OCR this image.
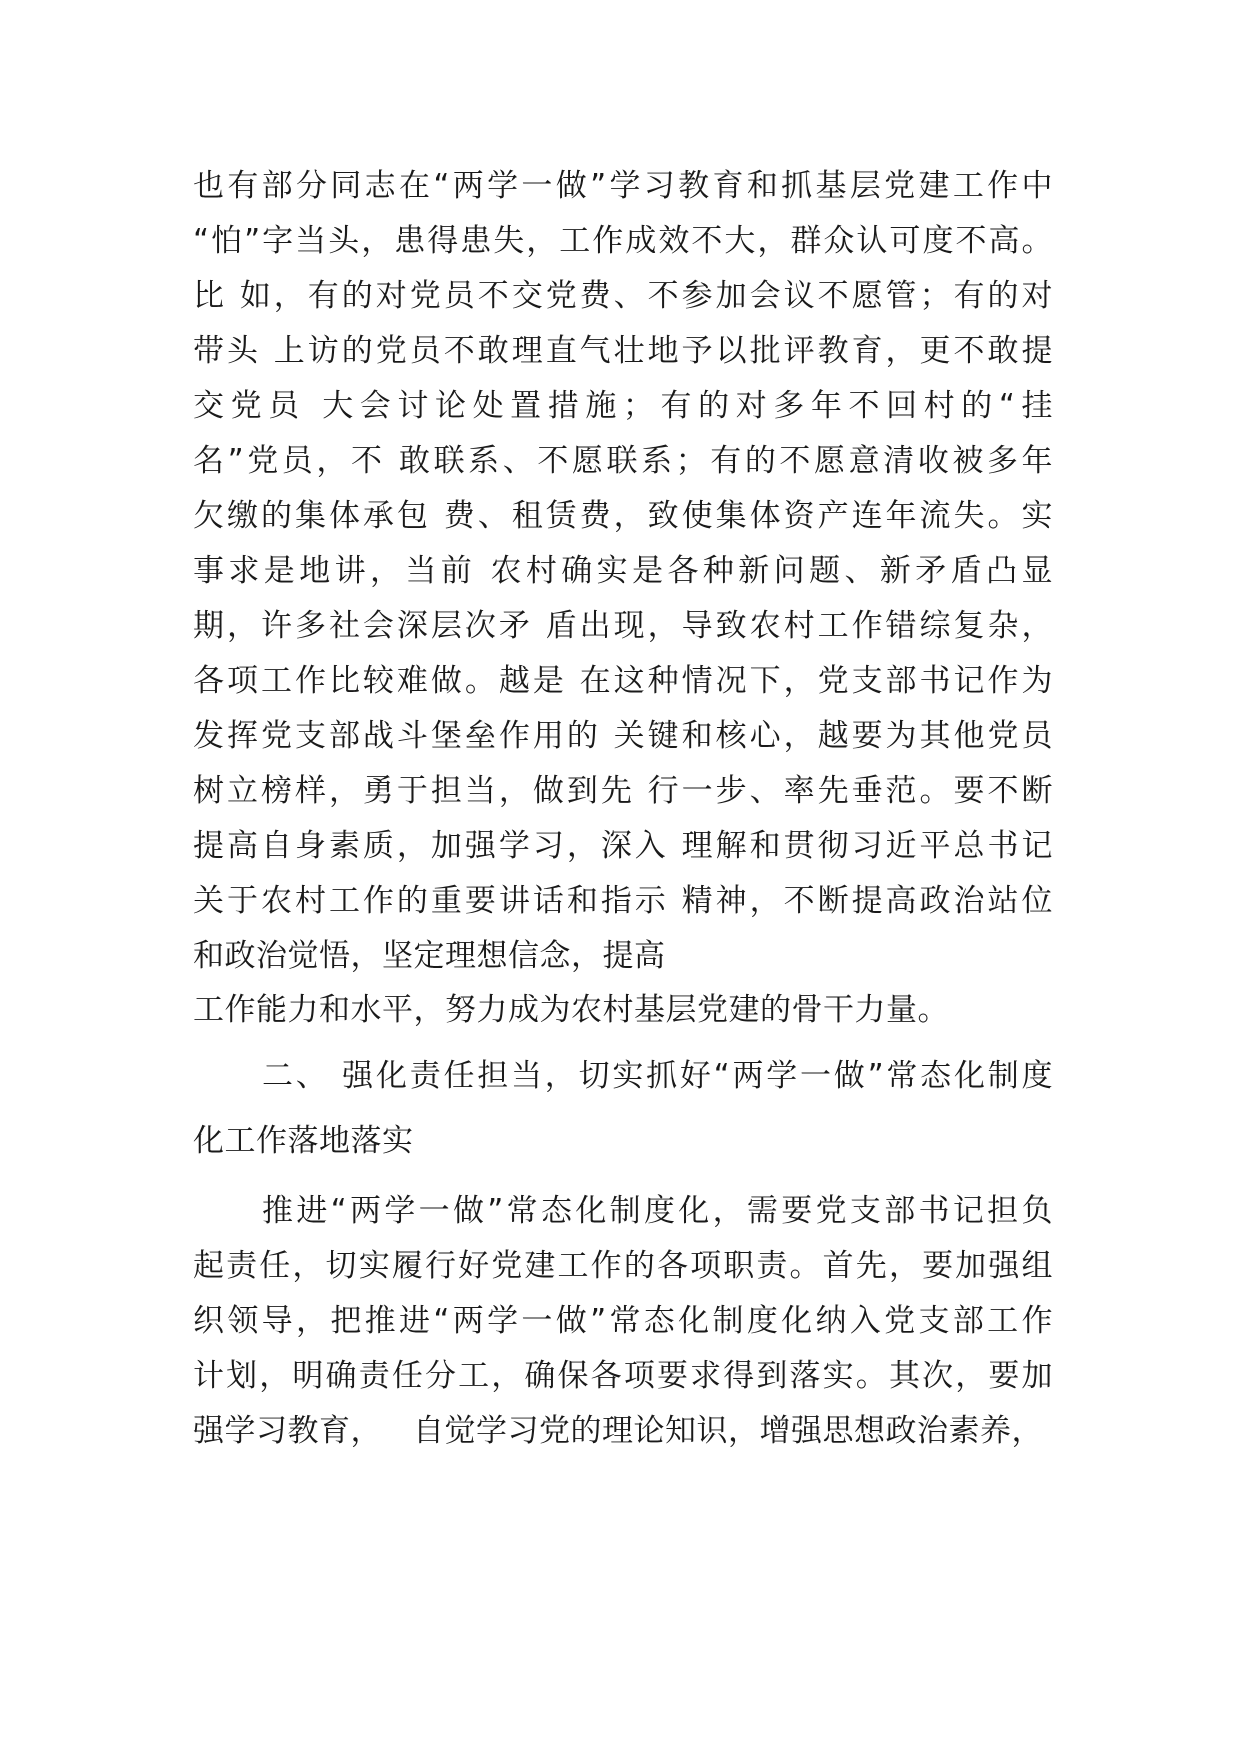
也有部分同志在“两学一做”学习教育和抓基层党建工作中
“怕”字当头，患得患失，工作成效不大，群众认可度不高。
比 如，有的对党员不交党费、不参加会议不愿管；有的对
带头 上访的党员不敢理直气壮地予以批评教育，更不敢提
交党员 大会讨论处置措施；有的对多年不回村的“挂
名”党员，不 敢联系、不愿联系；有的不愿意清收被多年
欠缴的集体承包 费、租赁费，致使集体资产连年流失。实
事求是地讲，当前 农村确实是各种新问题、新矛盾凸显
期，许多社会深层次矛 盾出现，导致农村工作错综复杂，
各项工作比较难做。越是 在这种情况下，党支部书记作为
发挥党支部战斗堡垒作用的 关键和核心，越要为其他党员
树立榜样，勇于担当，做到先 行一步、率先垂范。要不断
提高自身素质，加强学习，深入 理解和贯彻习近平总书记
关于农村工作的重要讲话和指示 精神，不断提高政治站位
和政治觉悟，坚定理想信念，提高
工作能力和水平，努力成为农村基层党建的骨干力量。
二、 强化责任担当，切实抓好“两学一做”常态化制度
化工作落地落实
推进“两学一做”常态化制度化，需要党支部书记担负
起责任，切实履行好党建工作的各项职责。首先，要加强组
织领导，把推进“两学一做”常态化制度化纳入党支部工作
计划，明确责任分工，确保各项要求得到落实。其次，要加
强学习教育，   自觉学习党的理论知识，增强思想政治素养，
